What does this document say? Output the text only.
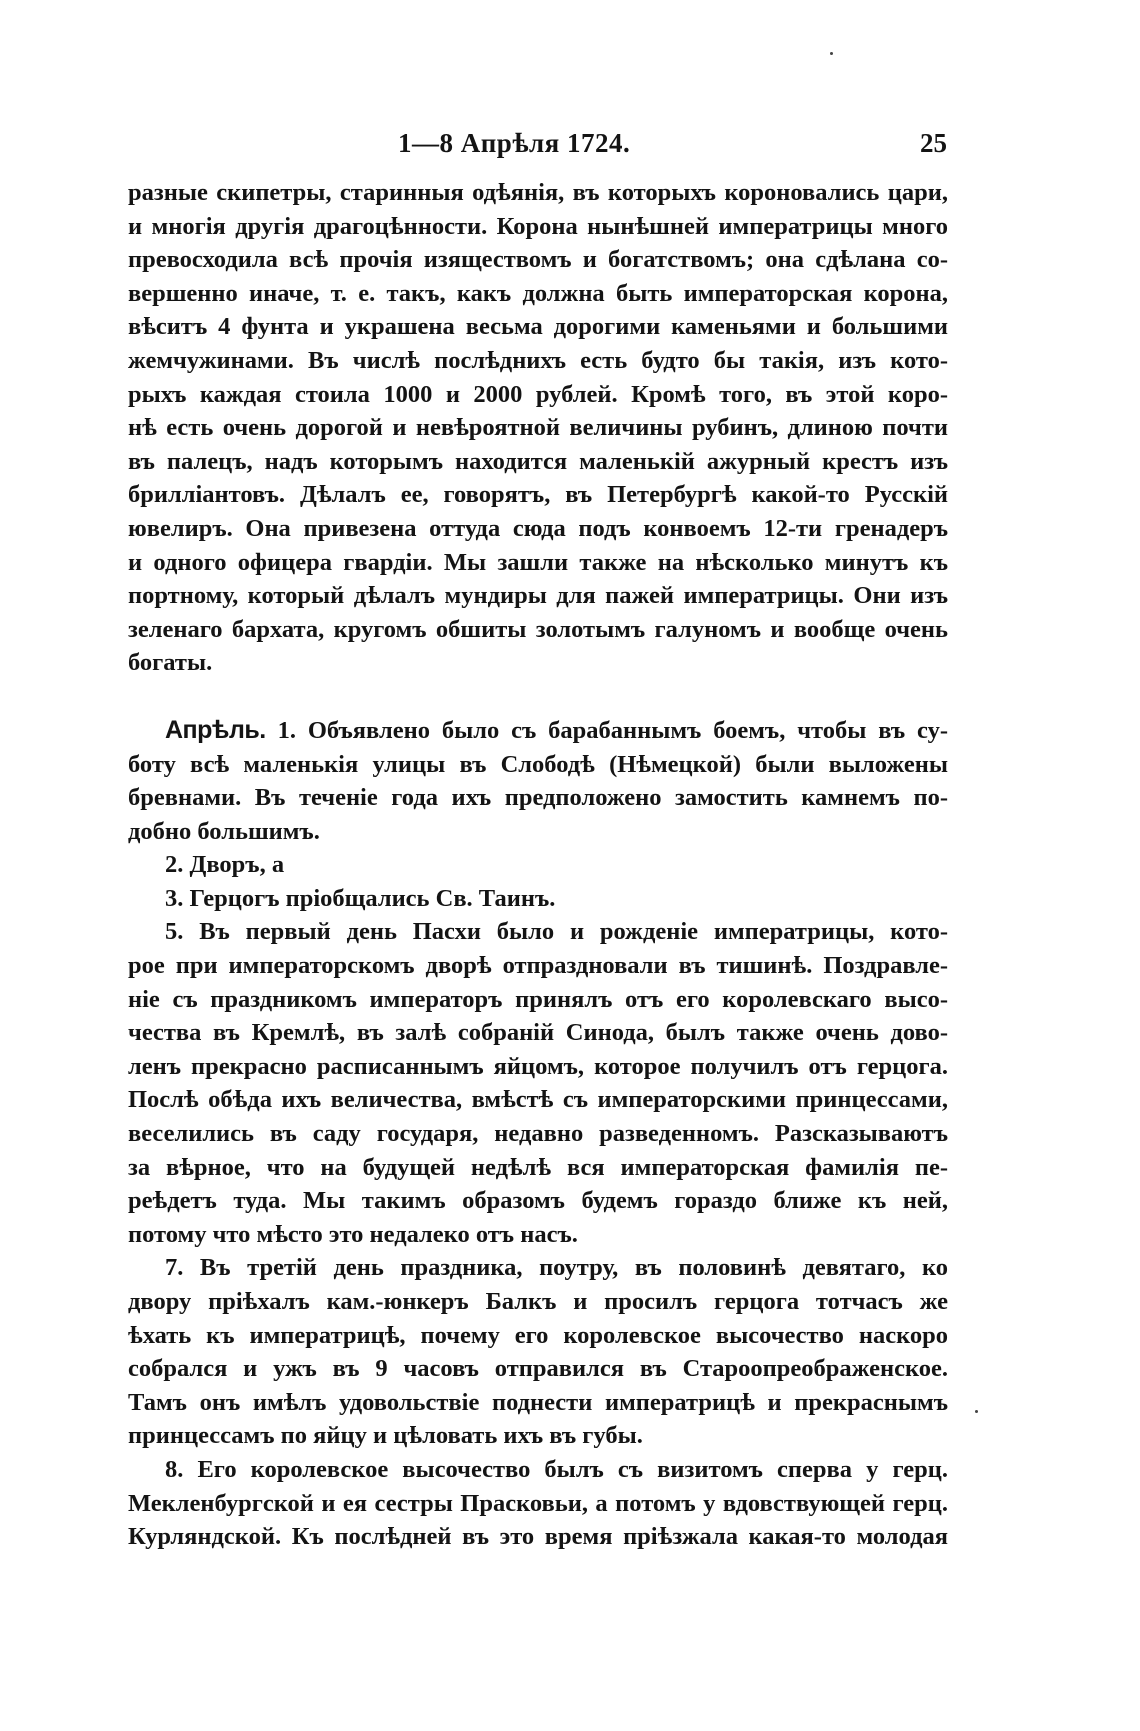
1—8 Апрѣля 1724.	25
разные скипетры, старинныя одѣянія, въ которыхъ короновались цари,
и многія другія драгоцѣнности. Корона нынѣшней императрицы много
превосходила всѣ прочія изяществомъ и богатствомъ; она сдѣлана со-
вершенно иначе, т. е. такъ, какъ должна быть императорская корона,
вѣситъ 4 фунта и украшена весьма дорогими каменьями и большими
жемчужинами. Въ числѣ послѣднихъ есть будто бы такія, изъ кото-
рыхъ каждая стоила 1000 и 2000 рублей. Кромѣ того, въ этой коро-
нѣ есть очень дорогой и невѣроятной величины рубинъ, длиною почти
въ палецъ, надъ которымъ находится маленькій ажурный крестъ изъ
бриллiантовъ. Дѣлалъ ее, говорятъ, въ Петербургѣ какой-то Русскій
ювелиръ. Она привезена оттуда сюда подъ конвоемъ 12-ти гренадеръ
и одного офицера гвардіи. Мы зашли также на нѣсколько минутъ къ
портному, который дѣлалъ мундиры для пажей императрицы. Они изъ
зеленаго бархата, кругомъ обшиты золотымъ галуномъ и вообще очень
богаты.
Апрѣль. 1. Объявлено было съ барабаннымъ боемъ, чтобы въ су-
боту всѣ маленькія улицы въ Слободѣ (Нѣмецкой) были выложены
бревнами. Въ теченіе года ихъ предположено замостить камнемъ по-
добно большимъ.
2. Дворъ, а
3. Герцогъ пріобщались Св. Таинъ.
5. Въ первый день Пасхи было и рожденіе императрицы, кото-
рое при императорскомъ дворѣ отпраздновали въ тишинѣ. Поздравле-
ніе съ праздникомъ императоръ принялъ отъ его королевскаго высо-
чества въ Кремлѣ, въ залѣ собраній Синода, былъ также очень дово-
ленъ прекрасно расписаннымъ яйцомъ, которое получилъ отъ герцога.
Послѣ обѣда ихъ величества, вмѣстѣ съ императорскими принцессами,
веселились въ саду государя, недавно разведенномъ. Разсказываютъ
за вѣрное, что на будущей недѣлѣ вся императорская фамилія пе-
реѣдетъ туда. Мы такимъ образомъ будемъ гораздо ближе къ ней,
потому что мѣсто это недалеко отъ насъ.
7. Въ третій день праздника, поутру, въ половинѣ девятаго, ко
двору пріѣхалъ кам.-юнкеръ Балкъ и просилъ герцога тотчасъ же
ѣхать къ императрицѣ, почему его королевское высочество наскоро
собрался и ужъ въ 9 часовъ отправился въ Староопреображенское.
Тамъ онъ имѣлъ удовольствіе поднести императрицѣ и прекраснымъ
принцессамъ по яйцу и цѣловать ихъ въ губы.
8. Его королевское высочество былъ съ визитомъ сперва у герц.
Мекленбургской и ея сестры Прасковьи, а потомъ у вдовствующей герц.
Курляндской. Къ послѣдней въ это время пріѣзжала какая-то молодая
